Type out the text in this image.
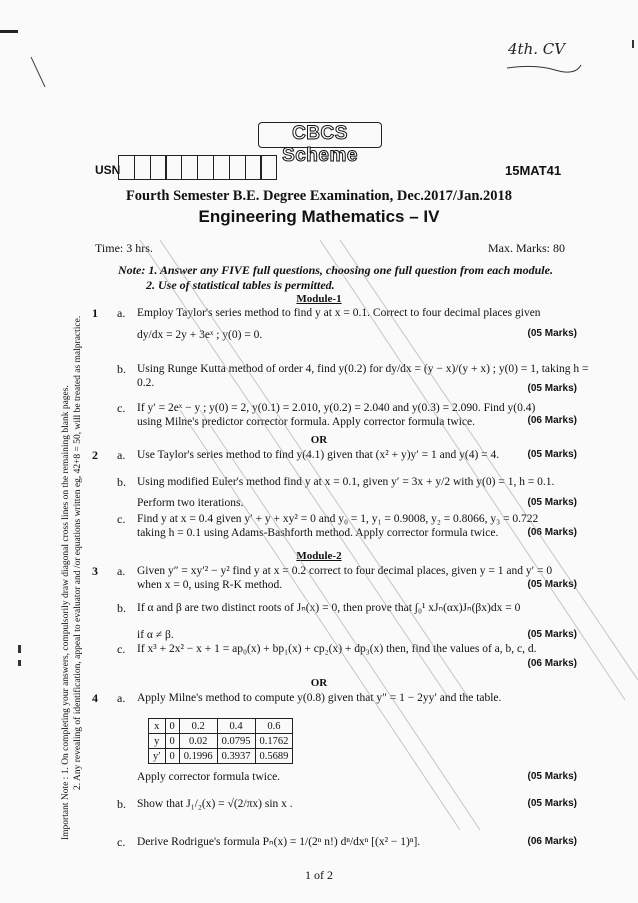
4th. CV
CBCS Scheme
USN	15MAT41
Fourth Semester B.E. Degree Examination, Dec.2017/Jan.2018
Engineering Mathematics – IV
Time: 3 hrs.	Max. Marks: 80
Note: 1. Answer any FIVE full questions, choosing one full question from each module.
2. Use of statistical tables is permitted.
Important Note : 1. On completing your answers, compulsorily draw diagonal cross lines on the remaining blank pages. 2. Any revealing of identification, appeal to evaluator and /or equations written eg, 42+8 = 50, will be treated as malpractice.
Module-1
1 a. Employ Taylor's series method to find y at x = 0.1. Correct to four decimal places given
dy/dx = 2y + 3eˣ ; y(0) = 0.	(05 Marks)
b. Using Runge Kutta method of order 4, find y(0.2) for dy/dx = (y − x)/(y + x) ; y(0) = 1, taking h = 0.2.	(05 Marks)
c. If y′ = 2eˣ − y ; y(0) = 2, y(0.1) = 2.010, y(0.2) = 2.040 and y(0.3) = 2.090. Find y(0.4)
using Milne's predictor corrector formula. Apply corrector formula twice.	(06 Marks)
OR
2 a. Use Taylor's series method to find y(4.1) given that (x² + y)y′ = 1 and y(4) = 4.	(05 Marks)
b. Using modified Euler's method find y at x = 0.1, given y′ = 3x + y/2 with y(0) = 1, h = 0.1.
Perform two iterations.	(05 Marks)
c. Find y at x = 0.4 given y′ + y + xy² = 0 and y₀ = 1, y₁ = 0.9008, y₂ = 0.8066, y₃ = 0.722
taking h = 0.1 using Adams-Bashforth method. Apply corrector formula twice.	(06 Marks)
Module-2
3 a. Given y″ = xy′² − y² find y at x = 0.2 correct to four decimal places, given y = 1 and y′ = 0
when x = 0, using R-K method.	(05 Marks)
b. If α and β are two distinct roots of Jₙ(x) = 0, then prove that ∫₀¹ xJₙ(αx)Jₙ(βx)dx = 0
if α ≠ β.	(05 Marks)
c. If x³ + 2x² − x + 1 = ap₀(x) + bp₁(x) + cp₂(x) + dp₃(x) then, find the values of a, b, c, d.
(06 Marks)
OR
4 a. Apply Milne's method to compute y(0.8) given that y″ = 1 − 2yy′ and the table.
x	0	0.2	0.4	0.6
y	0	0.02	0.0795	0.1762
y′	0	0.1996	0.3937	0.5689
Apply corrector formula twice.	(05 Marks)
b. Show that J₁/₂(x) = √(2/πx) sin x .	(05 Marks)
c. Derive Rodrigue's formula Pₙ(x) = 1/(2ⁿ n!) dⁿ/dxⁿ [(x² − 1)ⁿ].	(06 Marks)
1 of 2
